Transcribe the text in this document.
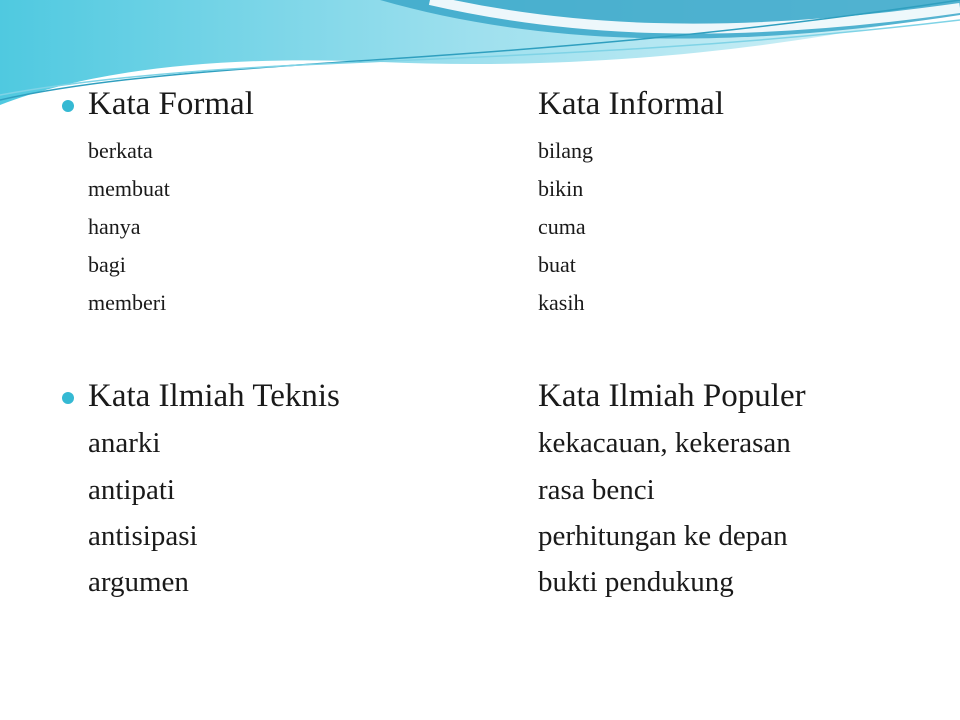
Kata Formal	Kata Informal
berkata	bilang
membuat	bikin
hanya	cuma
bagi	buat
memberi	kasih
Kata Ilmiah Teknis	Kata Ilmiah Populer
anarki	kekacauan, kekerasan
antipati	rasa benci
antisipasi	perhitungan ke depan
argumen	bukti pendukung
